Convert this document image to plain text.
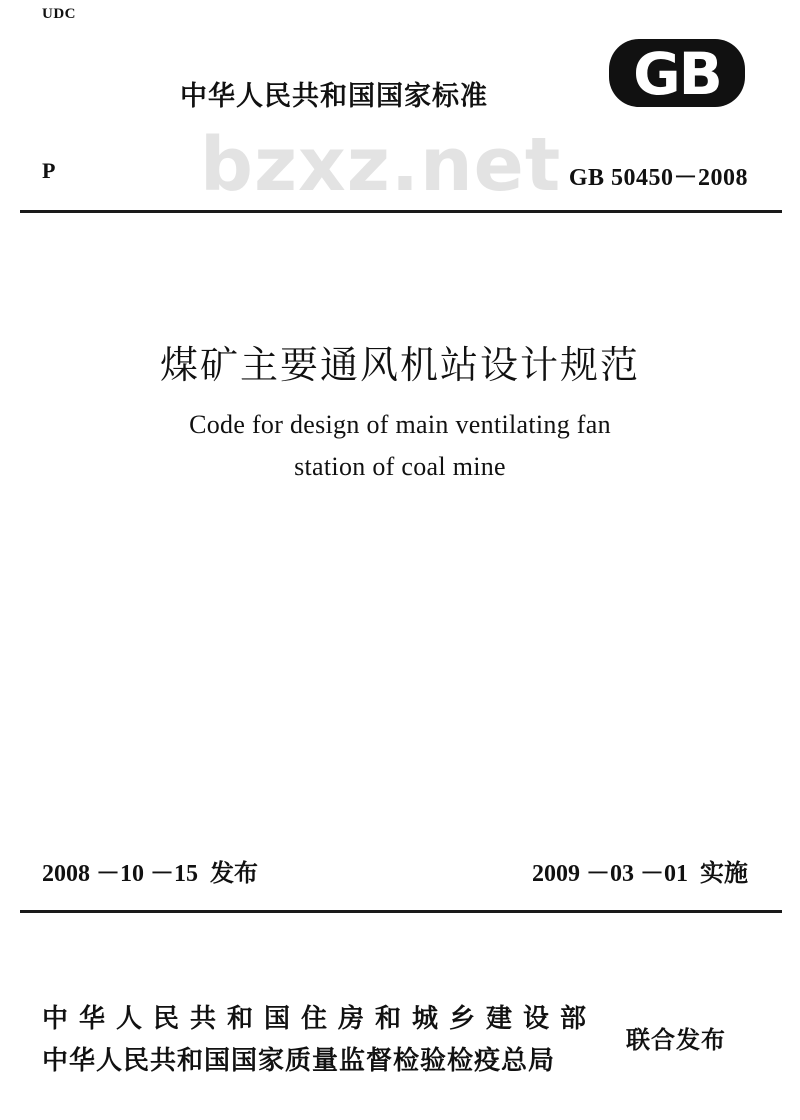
UDC
中华人民共和国国家标准	GB
bzxz.net
P	GB 50450－2008
煤矿主要通风机站设计规范
Code for design of main ventilating fan
station of coal mine
2008 －10 －15  发布	2009 －03 －01  实施
中华人民共和国住房和城乡建设部
中华人民共和国国家质量监督检验检疫总局
联合发布
